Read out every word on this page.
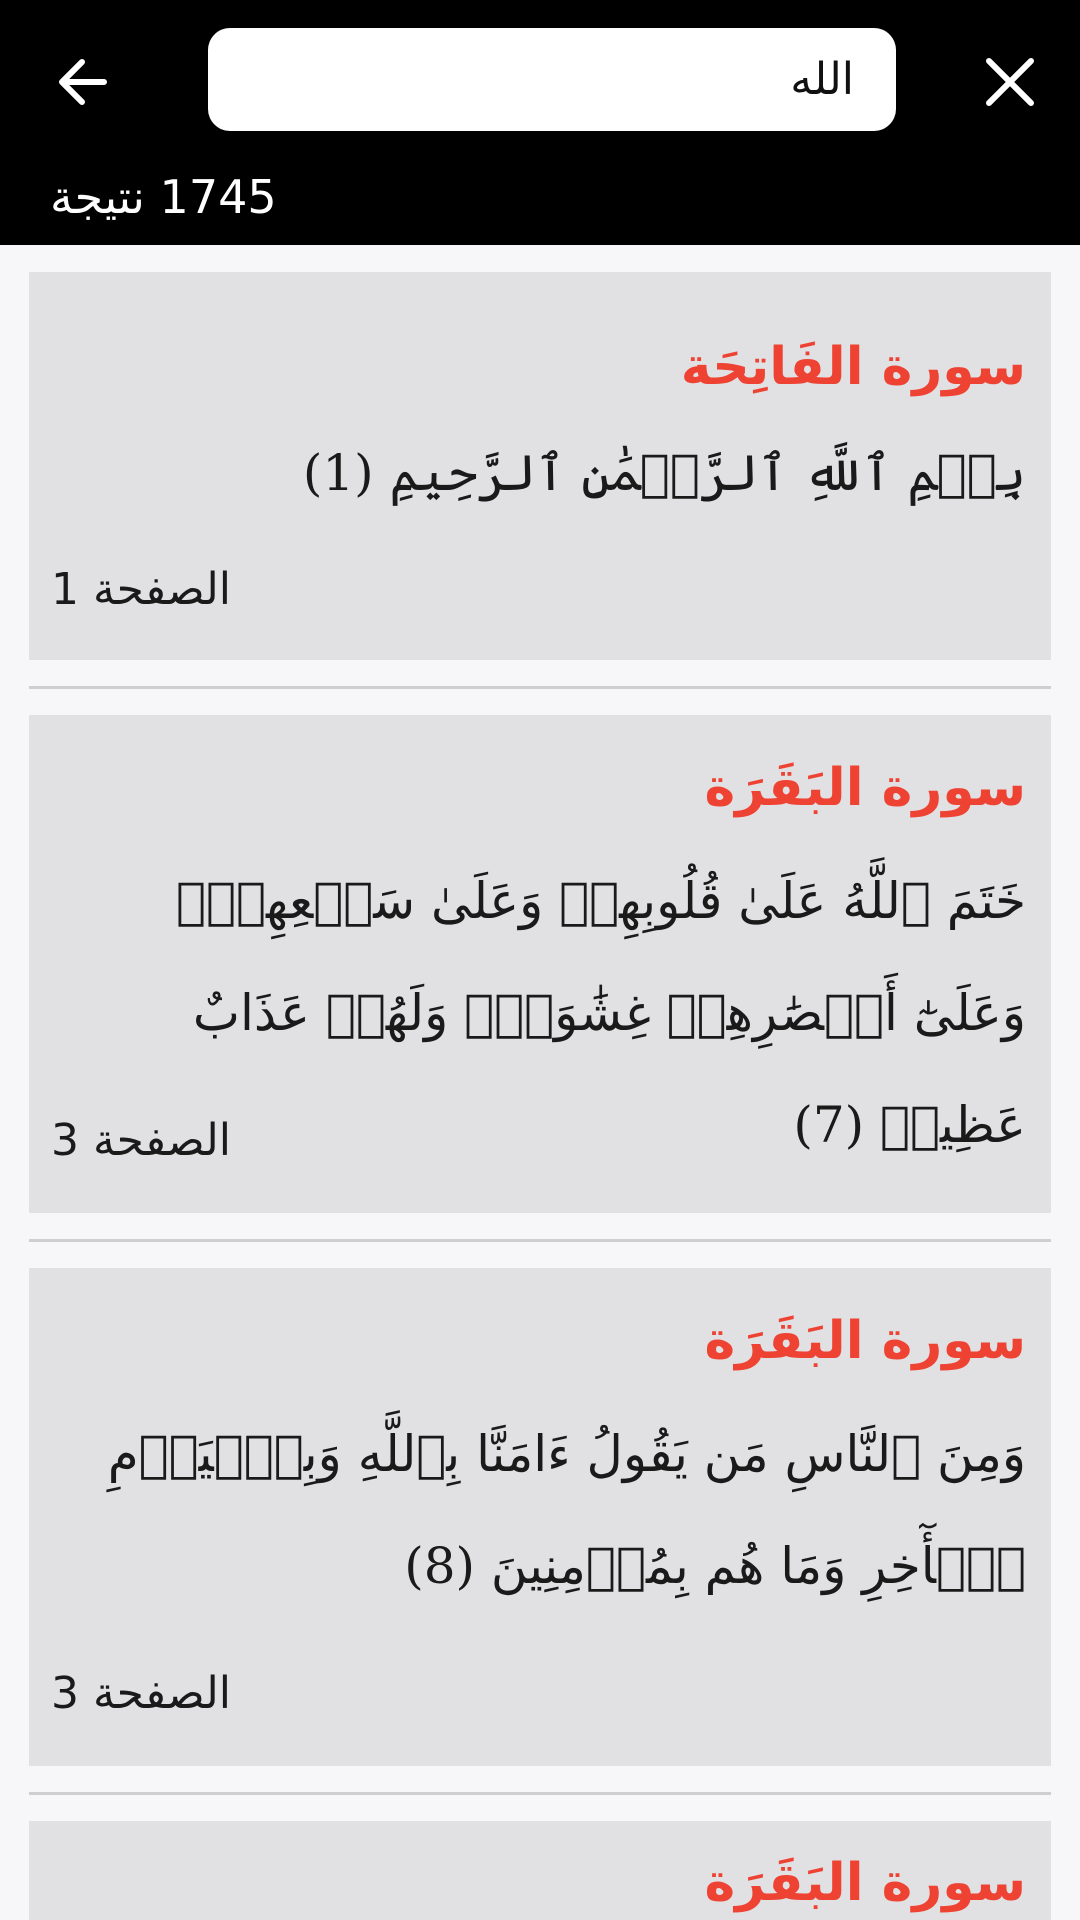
الله
1745 نتيجة
سورة الفَاتِحَة
بِسۡمِ ٱللَّهِ ٱلرَّحۡمَٰنِ ٱلرَّحِيمِ (1)
الصفحة 1
سورة البَقَرَة
خَتَمَ ٱللَّهُ عَلَىٰ قُلُوبِهِمۡ وَعَلَىٰ سَمۡعِهِمۡۖ وَعَلَىٰٓ أَبۡصَٰرِهِمۡ غِشَٰوَةٞۖ وَلَهُمۡ عَذَابٌ عَظِيمٞ (7)
الصفحة 3
سورة البَقَرَة
وَمِنَ ٱلنَّاسِ مَن يَقُولُ ءَامَنَّا بِٱللَّهِ وَبِٱلۡيَوۡمِ ٱلۡأٓخِرِ وَمَا هُم بِمُؤۡمِنِينَ (8)
الصفحة 3
سورة البَقَرَة
